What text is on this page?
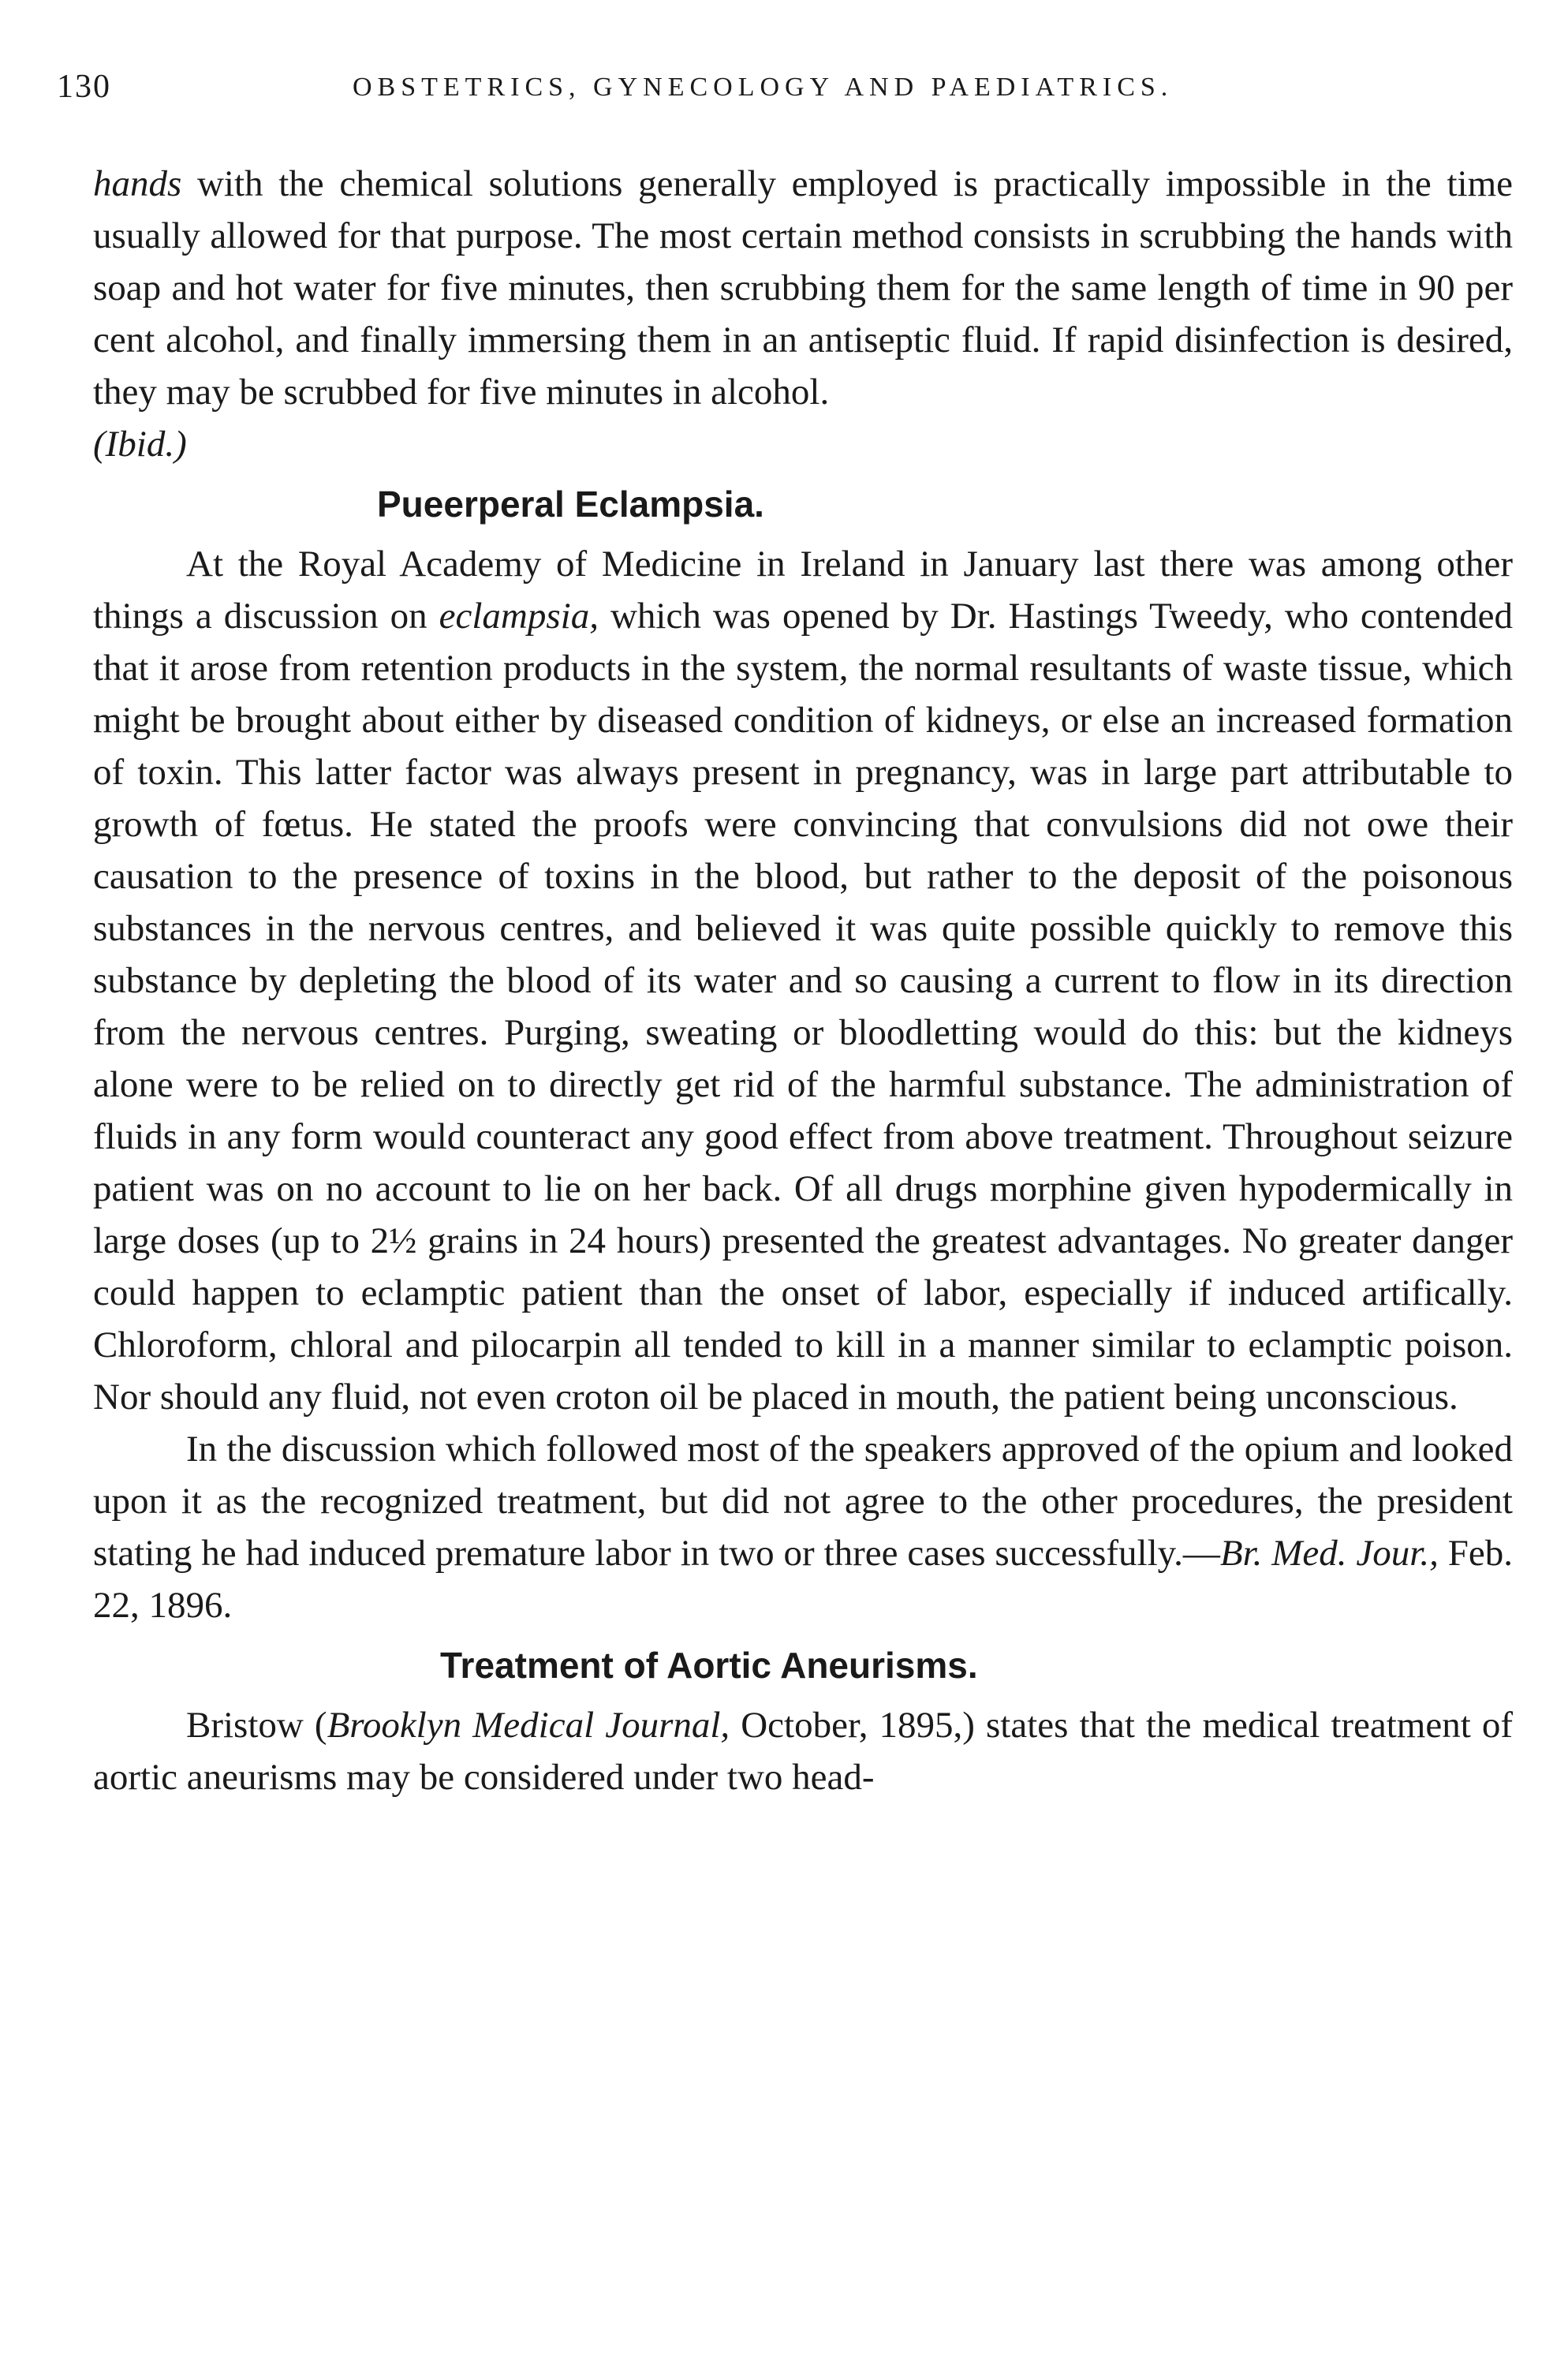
130	OBSTETRICS, GYNECOLOGY AND PAEDIATRICS.

hands with the chemical solutions generally employed is practically impossible in the time usually allowed for that purpose. The most certain method consists in scrubbing the hands with soap and hot water for five minutes, then scrubbing them for the same length of time in 90 per cent alcohol, and finally immersing them in an antiseptic fluid. If rapid disinfection is desired, they may be scrubbed for five minutes in alcohol.
(Ibid.)

Pueerperal Eclampsia.

At the Royal Academy of Medicine in Ireland in January last there was among other things a discussion on eclampsia, which was opened by Dr. Hastings Tweedy, who contended that it arose from retention products in the system, the normal resultants of waste tissue, which might be brought about either by diseased condition of kidneys, or else an increased formation of toxin. This latter factor was always present in pregnancy, was in large part attributable to growth of fœtus. He stated the proofs were convincing that convulsions did not owe their causation to the presence of toxins in the blood, but rather to the deposit of the poisonous substances in the nervous centres, and believed it was quite possible quickly to remove this substance by depleting the blood of its water and so causing a current to flow in its direction from the nervous centres. Purging, sweating or bloodletting would do this: but the kidneys alone were to be relied on to directly get rid of the harmful substance. The administration of fluids in any form would counteract any good effect from above treatment. Throughout seizure patient was on no account to lie on her back. Of all drugs morphine given hypodermically in large doses (up to 2½ grains in 24 hours) presented the greatest advantages. No greater danger could happen to eclamptic patient than the onset of labor, especially if induced artifically. Chloroform, chloral and pilocarpin all tended to kill in a manner similar to eclamptic poison. Nor should any fluid, not even croton oil be placed in mouth, the patient being unconscious.

In the discussion which followed most of the speakers approved of the opium and looked upon it as the recognized treatment, but did not agree to the other procedures, the president stating he had induced premature labor in two or three cases successfully.—Br. Med. Jour., Feb. 22, 1896.

Treatment of Aortic Aneurisms.

Bristow (Brooklyn Medical Journal, October, 1895,) states that the medical treatment of aortic aneurisms may be considered under two head-
